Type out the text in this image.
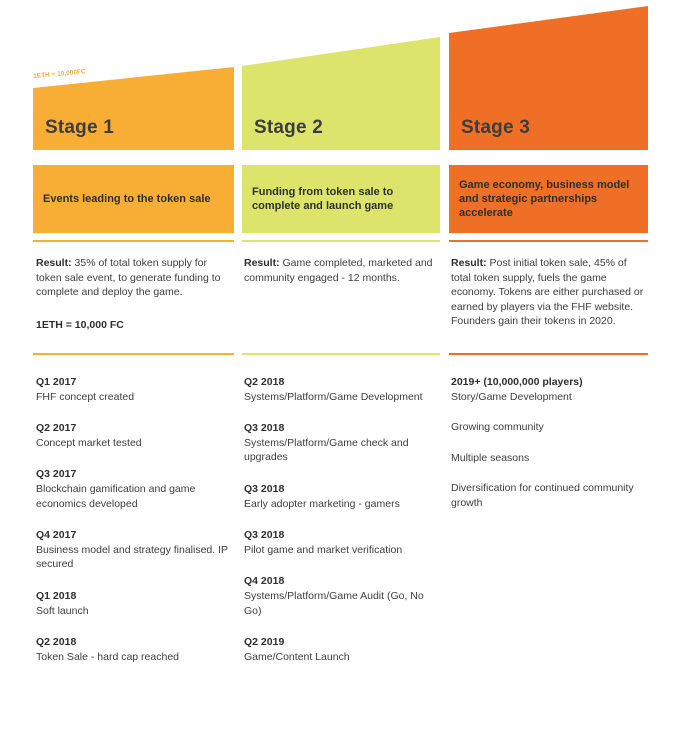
1ETH = 10,000FC
Stage 1
Events leading to the token sale
Result: 35% of total token supply for token sale event, to generate funding to complete and deploy the game.
1ETH = 10,000 FC
Q1 2017
FHF concept created
Q2 2017
Concept market tested
Q3 2017
Blockchain gamification and game economics developed
Q4 2017
Business model and strategy finalised. IP secured
Q1 2018
Soft launch
Q2 2018
Token Sale - hard cap reached
Stage 2
Funding from token sale to complete and launch game
Result: Game completed, marketed and community engaged - 12 months.
Q2 2018
Systems/Platform/Game Development
Q3 2018
Systems/Platform/Game check and upgrades
Q3 2018
Early adopter marketing - gamers
Q3 2018
Pilot game and market verification
Q4 2018
Systems/Platform/Game Audit (Go, No Go)
Q2 2019
Game/Content Launch
Stage 3
Game economy, business model and strategic partnerships accelerate
Result: Post initial token sale, 45% of total token supply, fuels the game economy. Tokens are either purchased or earned by players via the FHF website. Founders gain their tokens in 2020.
2019+ (10,000,000 players)
Story/Game Development
Growing community
Multiple seasons
Diversification for continued community growth
